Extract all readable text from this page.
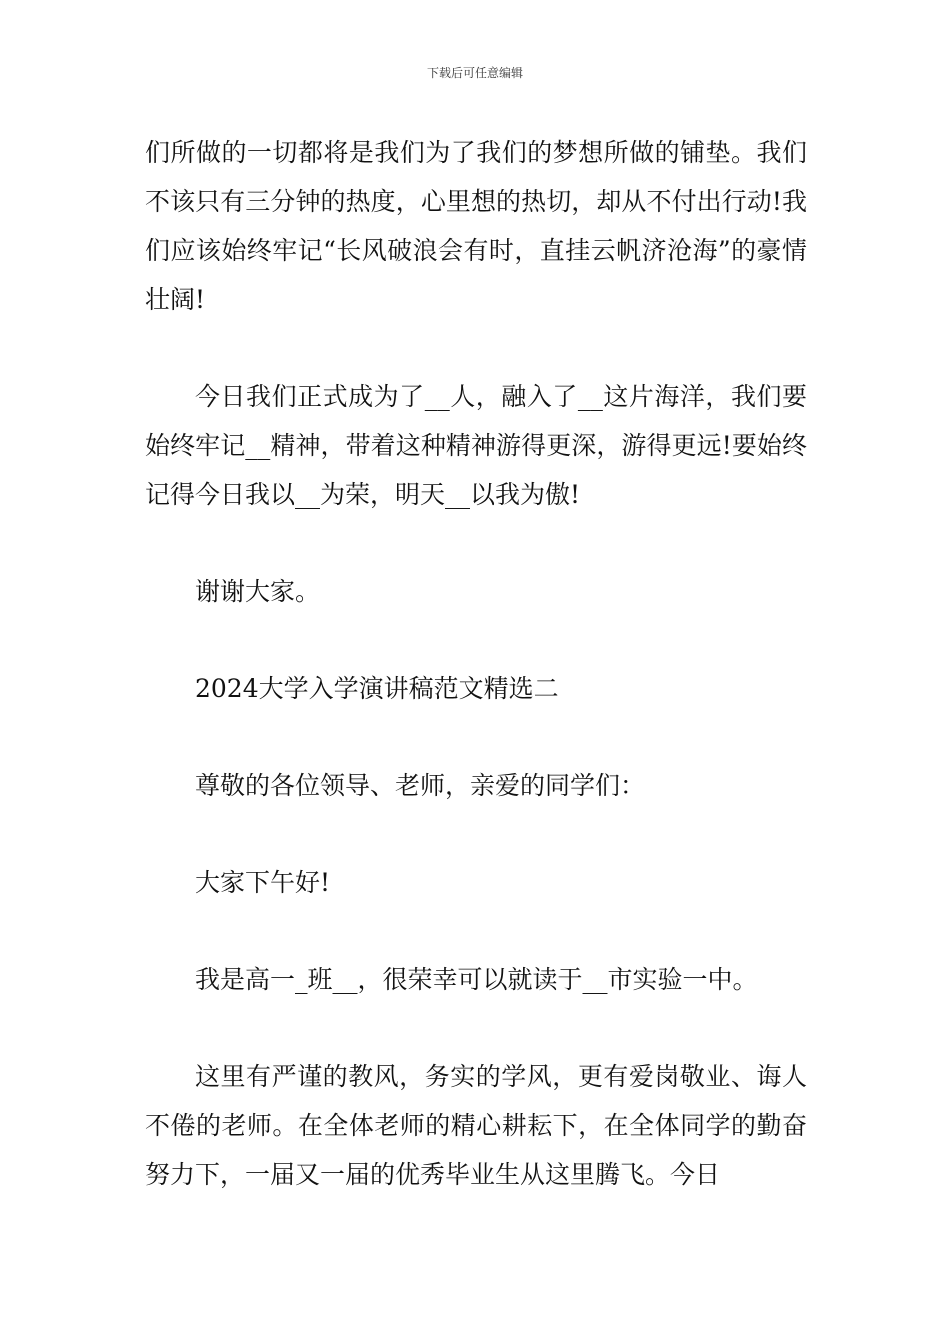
下载后可任意编辑

们所做的一切都将是我们为了我们的梦想所做的铺垫。我们不该只有三分钟的热度，心里想的热切，却从不付出行动!我们应该始终牢记“长风破浪会有时，直挂云帆济沧海”的豪情壮阔!

今日我们正式成为了__人，融入了__这片海洋，我们要始终牢记__精神，带着这种精神游得更深，游得更远!要始终记得今日我以__为荣，明天__以我为傲!

谢谢大家。

2024大学入学演讲稿范文精选二

尊敬的各位领导、老师，亲爱的同学们：

大家下午好!

我是高一_班__，很荣幸可以就读于__市实验一中。

这里有严谨的教风，务实的学风，更有爱岗敬业、诲人不倦的老师。在全体老师的精心耕耘下，在全体同学的勤奋努力下，一届又一届的优秀毕业生从这里腾飞。今日
